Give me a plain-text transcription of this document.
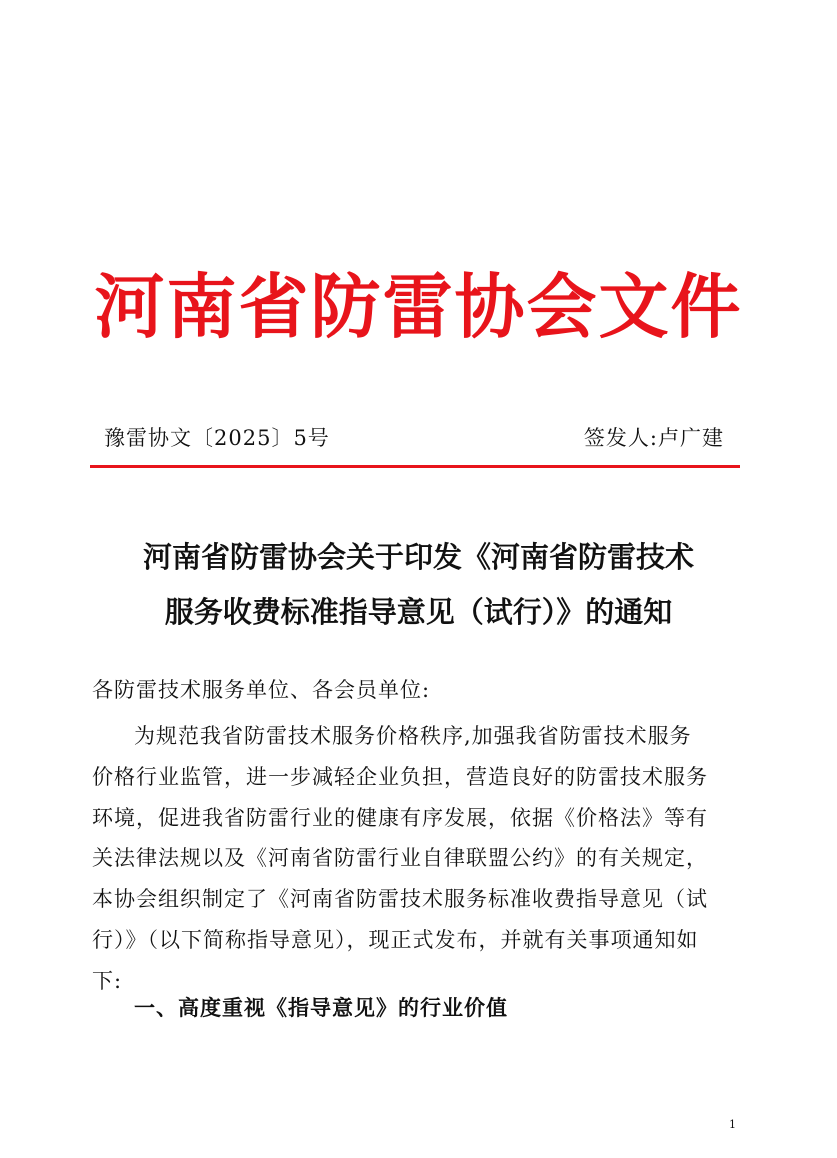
河南省防雷协会文件
豫雷协文〔2025〕5号	签发人:卢广建
河南省防雷协会关于印发《河南省防雷技术
服务收费标准指导意见（试行）》的通知
各防雷技术服务单位、各会员单位:
为规范我省防雷技术服务价格秩序,加强我省防雷技术服务
价格行业监管，进一步减轻企业负担，营造良好的防雷技术服务
环境，促进我省防雷行业的健康有序发展，依据《价格法》等有
关法律法规以及《河南省防雷行业自律联盟公约》的有关规定，
本协会组织制定了《河南省防雷技术服务标准收费指导意见（试
行）》（以下简称指导意见），现正式发布，并就有关事项通知如
下:
一、高度重视《指导意见》的行业价值
1
